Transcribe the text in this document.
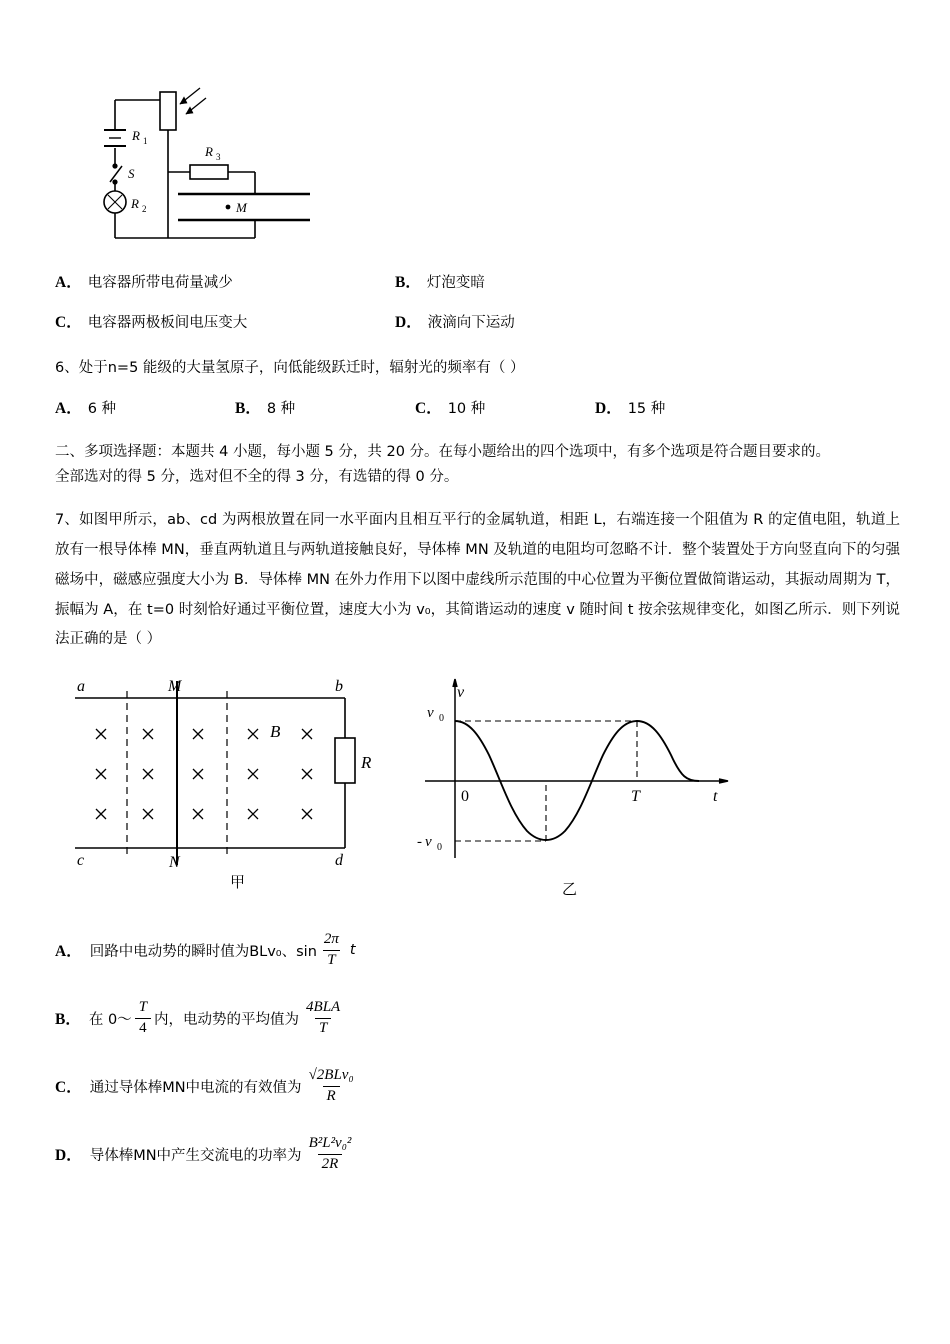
R 1
R 3
R 2
S
M
A． 电容器所带电荷量减少	B． 灯泡变暗
C． 电容器两极板间电压变大	D． 液滴向下运动
6、处于n=5 能级的大量氢原子，向低能级跃迁时，辐射光的频率有（ ）
A． 6 种	B． 8 种	C． 10 种	D． 15 种
二、多项选择题：本题共 4 小题，每小题 5 分，共 20 分。在每小题给出的四个选项中，有多个选项是符合题目要求的。
全部选对的得 5 分，选对但不全的得 3 分，有选错的得 0 分。
7、如图甲所示，ab、cd 为两根放置在同一水平面内且相互平行的金属轨道，相距 L，右端连接一个阻值为 R 的定值电阻，轨道上放有一根导体棒 MN，垂直两轨道且与两轨道接触良好，导体棒 MN 及轨道的电阻均可忽略不计．整个装置处于方向竖直向下的匀强磁场中，磁感应强度大小为 B．导体棒 MN 在外力作用下以图中虚线所示范围的中心位置为平衡位置做简谐运动，其振动周期为 T，振幅为 A，在 t=0 时刻恰好通过平衡位置，速度大小为 v₀，其简谐运动的速度 v 随时间 t 按余弦规律变化，如图乙所示．则下列说法正确的是（ ）
a	b
c	d
M
N
B
R
v 0
- v 0
0	T	t
v
甲	乙
A． 回路中电动势的瞬时值为BLv₀、$\sin \frac{2\pi}{T}$ t
B． 在 0～ $\frac{T}{4}$ 内，电动势的平均值为 $\frac{\text{4BLA}}{T}$
C． 通过导体棒MN中电流的有效值为 $\frac{\text{√2BLv₀}}{R}$
D． 导体棒MN中产生交流电的功率为 $\frac{\text{B²L²v₀²}}{2R}$
